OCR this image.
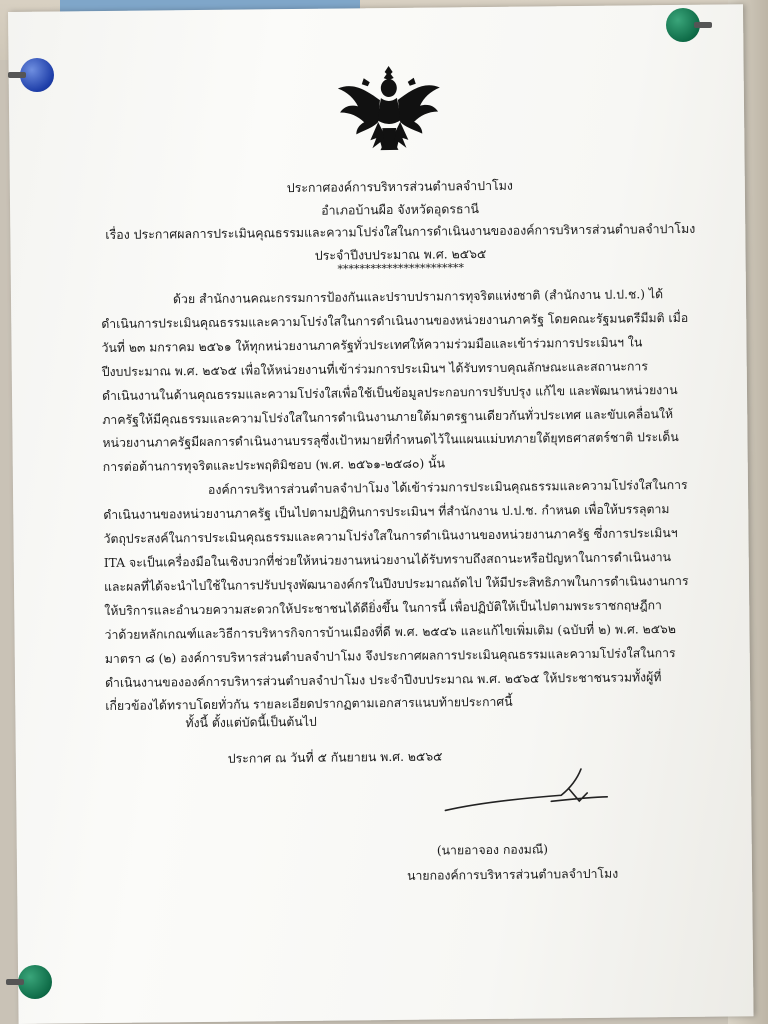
ประกาศองค์การบริหารส่วนตำบลจำปาโมง
อำเภอบ้านผือ จังหวัดอุดรธานี
เรื่อง ประกาศผลการประเมินคุณธรรมและความโปร่งใสในการดำเนินงานขององค์การบริหารส่วนตำบลจำปาโมง
ประจำปีงบประมาณ พ.ศ. ๒๕๖๕
***********************
ด้วย สำนักงานคณะกรรมการป้องกันและปราบปรามการทุจริตแห่งชาติ (สำนักงาน ป.ป.ช.) ได้
ดำเนินการประเมินคุณธรรมและความโปร่งใสในการดำเนินงานของหน่วยงานภาครัฐ โดยคณะรัฐมนตรีมีมติ เมื่อ
วันที่ ๒๓ มกราคม ๒๕๖๑ ให้ทุกหน่วยงานภาครัฐทั่วประเทศให้ความร่วมมือและเข้าร่วมการประเมินฯ ใน
ปีงบประมาณ พ.ศ. ๒๕๖๕ เพื่อให้หน่วยงานที่เข้าร่วมการประเมินฯ ได้รับทราบคุณลักษณะและสถานะการ
ดำเนินงานในด้านคุณธรรมและความโปร่งใสเพื่อใช้เป็นข้อมูลประกอบการปรับปรุง แก้ไข และพัฒนาหน่วยงาน
ภาครัฐให้มีคุณธรรมและความโปร่งใสในการดำเนินงานภายใต้มาตรฐานเดียวกันทั่วประเทศ และขับเคลื่อนให้
หน่วยงานภาครัฐมีผลการดำเนินงานบรรลุซึ่งเป้าหมายที่กำหนดไว้ในแผนแม่บทภายใต้ยุทธศาสตร์ชาติ ประเด็น
การต่อต้านการทุจริตและประพฤติมิชอบ (พ.ศ. ๒๕๖๑-๒๕๘๐) นั้น
องค์การบริหารส่วนตำบลจำปาโมง ได้เข้าร่วมการประเมินคุณธรรมและความโปร่งใสในการ
ดำเนินงานของหน่วยงานภาครัฐ เป็นไปตามปฏิทินการประเมินฯ ที่สำนักงาน ป.ป.ช. กำหนด เพื่อให้บรรลุตาม
วัตถุประสงค์ในการประเมินคุณธรรมและความโปร่งใสในการดำเนินงานของหน่วยงานภาครัฐ ซึ่งการประเมินฯ
ITA จะเป็นเครื่องมือในเชิงบวกที่ช่วยให้หน่วยงานหน่วยงานได้รับทราบถึงสถานะหรือปัญหาในการดำเนินงาน
และผลที่ได้จะนำไปใช้ในการปรับปรุงพัฒนาองค์กรในปีงบประมาณถัดไป ให้มีประสิทธิภาพในการดำเนินงานการ
ให้บริการและอำนวยความสะดวกให้ประชาชนได้ดียิ่งขึ้น ในการนี้ เพื่อปฏิบัติให้เป็นไปตามพระราชกฤษฎีกา
ว่าด้วยหลักเกณฑ์และวิธีการบริหารกิจการบ้านเมืองที่ดี พ.ศ. ๒๕๔๖ และแก้ไขเพิ่มเติม (ฉบับที่ ๒) พ.ศ. ๒๕๖๒
มาตรา ๘ (๒) องค์การบริหารส่วนตำบลจำปาโมง จึงประกาศผลการประเมินคุณธรรมและความโปร่งใสในการ
ดำเนินงานขององค์การบริหารส่วนตำบลจำปาโมง ประจำปีงบประมาณ พ.ศ. ๒๕๖๕ ให้ประชาชนรวมทั้งผู้ที่
เกี่ยวข้องได้ทราบโดยทั่วกัน รายละเอียดปรากฏตามเอกสารแนบท้ายประกาศนี้
ทั้งนี้ ตั้งแต่บัดนี้เป็นต้นไป
ประกาศ ณ วันที่ ๕ กันยายน พ.ศ. ๒๕๖๕
(นายอาจอง กองมณี)
นายกองค์การบริหารส่วนตำบลจำปาโมง
